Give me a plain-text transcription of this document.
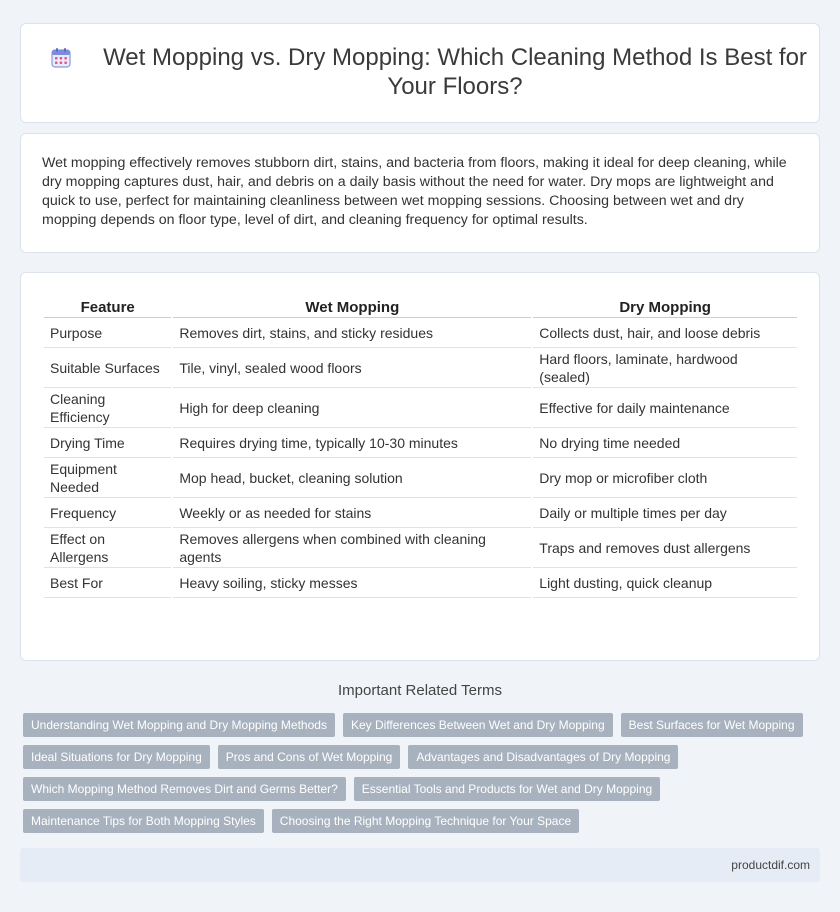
Wet Mopping vs. Dry Mopping: Which Cleaning Method Is Best for Your Floors?

Wet mopping effectively removes stubborn dirt, stains, and bacteria from floors, making it ideal for deep cleaning, while dry mopping captures dust, hair, and debris on a daily basis without the need for water. Dry mops are lightweight and quick to use, perfect for maintaining cleanliness between wet mopping sessions. Choosing between wet and dry mopping depends on floor type, level of dirt, and cleaning frequency for optimal results.

Feature	Wet Mopping	Dry Mopping
Purpose	Removes dirt, stains, and sticky residues	Collects dust, hair, and loose debris
Suitable Surfaces	Tile, vinyl, sealed wood floors	Hard floors, laminate, hardwood (sealed)
Cleaning Efficiency	High for deep cleaning	Effective for daily maintenance
Drying Time	Requires drying time, typically 10-30 minutes	No drying time needed
Equipment Needed	Mop head, bucket, cleaning solution	Dry mop or microfiber cloth
Frequency	Weekly or as needed for stains	Daily or multiple times per day
Effect on Allergens	Removes allergens when combined with cleaning agents	Traps and removes dust allergens
Best For	Heavy soiling, sticky messes	Light dusting, quick cleanup
Important Related Terms
Understanding Wet Mopping and Dry Mopping Methods	Key Differences Between Wet and Dry Mopping	Best Surfaces for Wet Mopping
Ideal Situations for Dry Mopping	Pros and Cons of Wet Mopping	Advantages and Disadvantages of Dry Mopping
Which Mopping Method Removes Dirt and Germs Better?	Essential Tools and Products for Wet and Dry Mopping
Maintenance Tips for Both Mopping Styles	Choosing the Right Mopping Technique for Your Space
productdif.com
